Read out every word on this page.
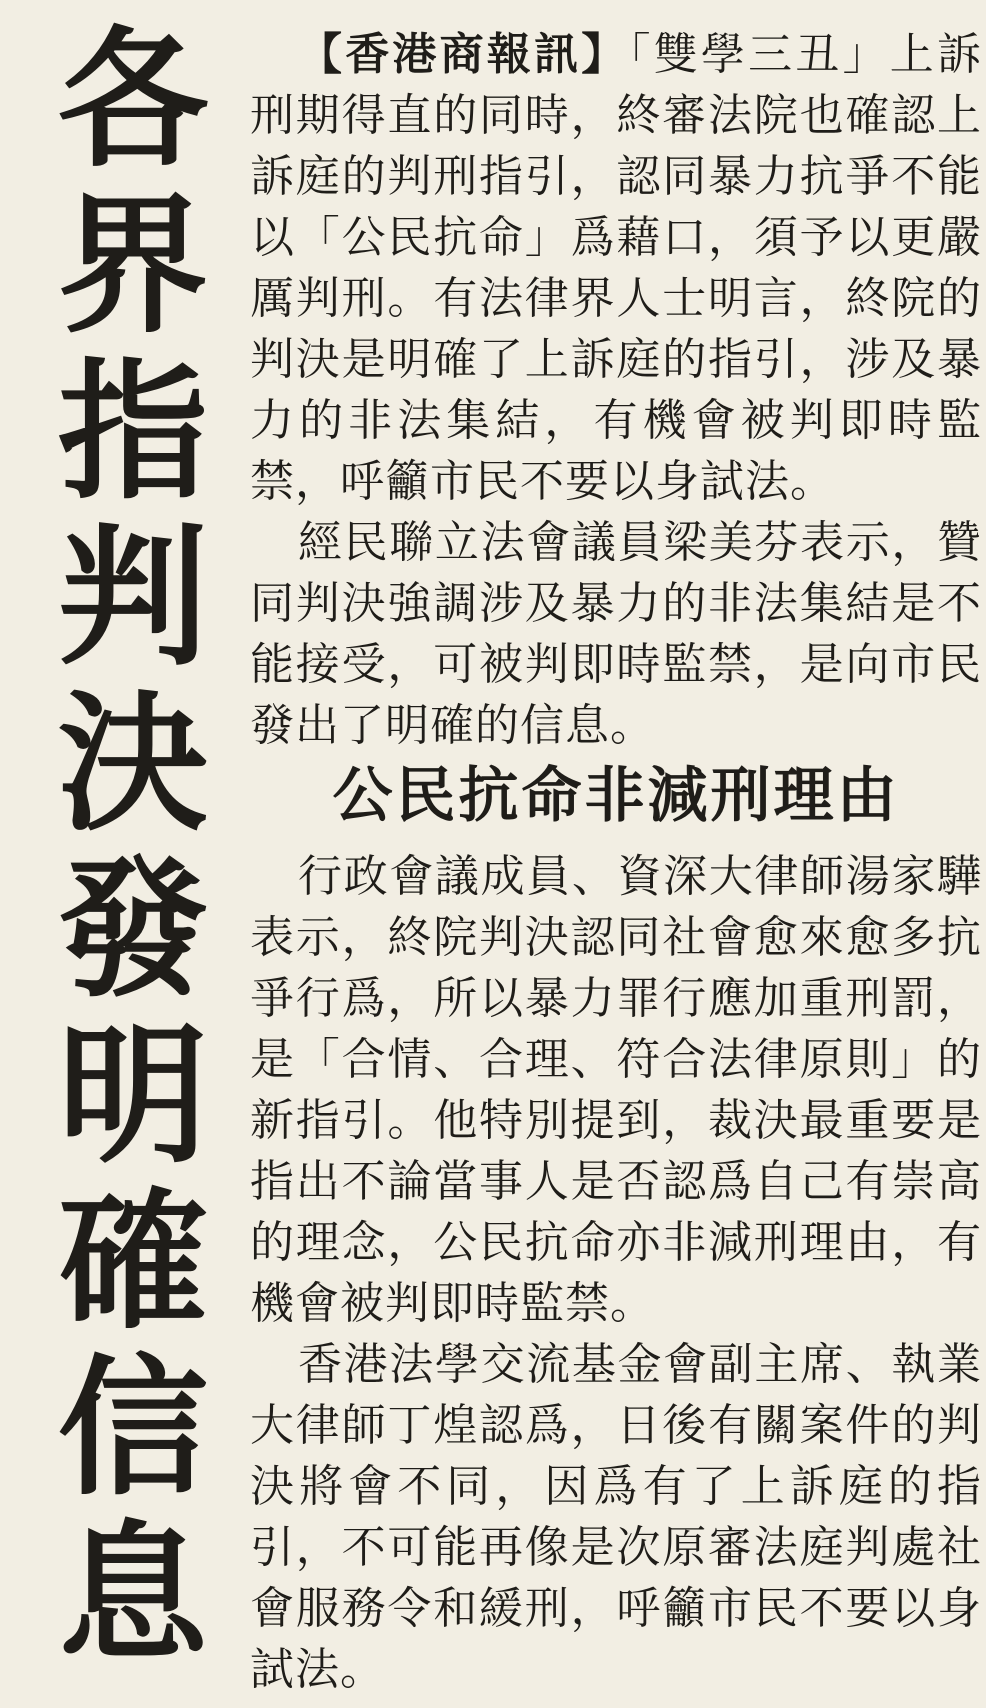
各界指判決發明確信息	【香港商報訊】「雙學三丑」上訴刑期得直的同時，終審法院也確認上訴庭的判刑指引，認同暴力抗爭不能以「公民抗命」爲藉口，須予以更嚴厲判刑。有法律界人士明言，終院的判決是明確了上訴庭的指引，涉及暴力的非法集結，有機會被判即時監禁，呼籲市民不要以身試法。

經民聯立法會議員梁美芬表示，贊同判決強調涉及暴力的非法集結是不能接受，可被判即時監禁，是向市民發出了明確的信息。

公民抗命非減刑理由

行政會議成員、資深大律師湯家驊表示，終院判決認同社會愈來愈多抗爭行爲，所以暴力罪行應加重刑罰，是「合情、合理、符合法律原則」的新指引。他特別提到，裁決最重要是指出不論當事人是否認爲自己有崇高的理念，公民抗命亦非減刑理由，有機會被判即時監禁。

香港法學交流基金會副主席、執業大律師丁煌認爲，日後有關案件的判決將會不同，因爲有了上訴庭的指引，不可能再像是次原審法庭判處社會服務令和緩刑，呼籲市民不要以身試法。
